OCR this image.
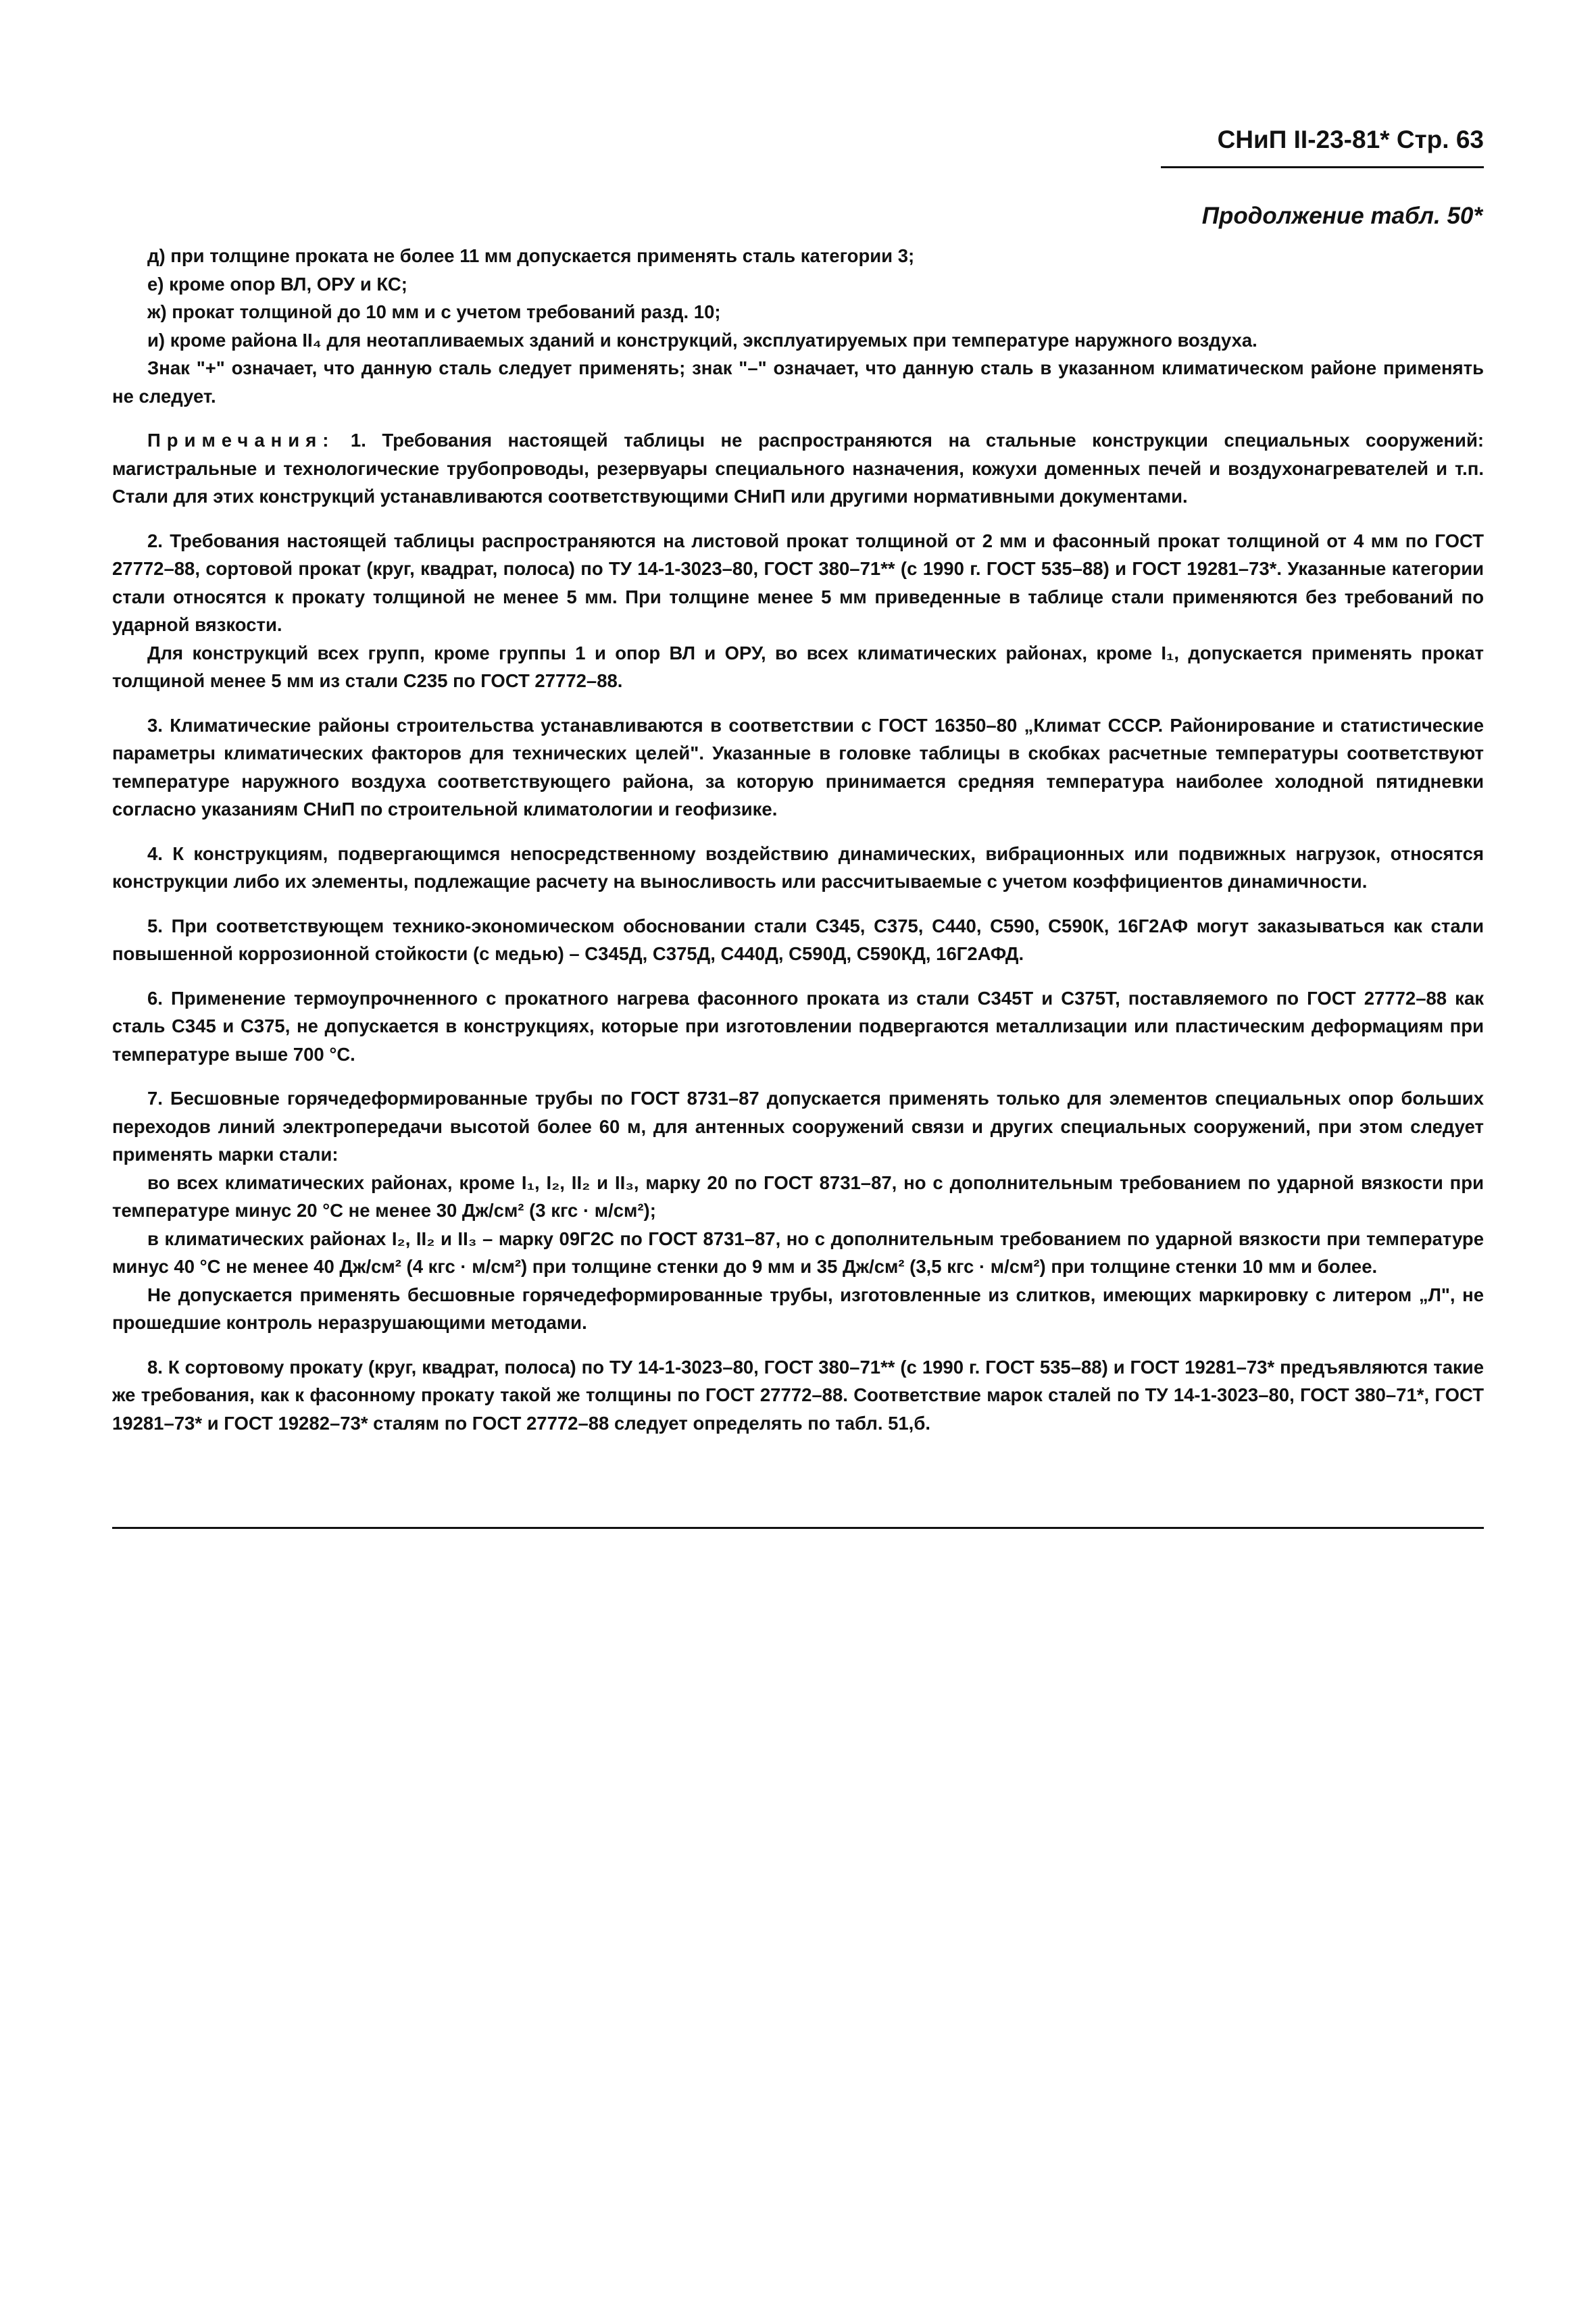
СНиП II-23-81* Стр. 63
Продолжение табл. 50*

д) при толщине проката не более 11 мм допускается применять сталь категории 3;

е) кроме опор ВЛ, ОРУ и КС;

ж) прокат толщиной до 10 мм и с учетом требований разд. 10;

и) кроме района II₄ для неотапливаемых зданий и конструкций, эксплуатируемых при температуре наружного воздуха.

Знак "+" означает, что данную сталь следует применять; знак "–" означает, что данную сталь в указанном климатическом районе применять не следует.

Примечания: 1. Требования настоящей таблицы не распространяются на стальные конструкции специальных сооружений: магистральные и технологические трубопроводы, резервуары специального назначения, кожухи доменных печей и воздухонагревателей и т.п. Стали для этих конструкций устанавливаются соответствующими СНиП или другими нормативными документами.

2. Требования настоящей таблицы распространяются на листовой прокат толщиной от 2 мм и фасонный прокат толщиной от 4 мм по ГОСТ 27772–88, сортовой прокат (круг, квадрат, полоса) по ТУ 14-1-3023–80, ГОСТ 380–71** (с 1990 г. ГОСТ 535–88) и ГОСТ 19281–73*. Указанные категории стали относятся к прокату толщиной не менее 5 мм. При толщине менее 5 мм приведенные в таблице стали применяются без требований по ударной вязкости.

Для конструкций всех групп, кроме группы 1 и опор ВЛ и ОРУ, во всех климатических районах, кроме I₁, допускается применять прокат толщиной менее 5 мм из стали С235 по ГОСТ 27772–88.

3. Климатические районы строительства устанавливаются в соответствии с ГОСТ 16350–80 „Климат СССР. Районирование и статистические параметры климатических факторов для технических целей". Указанные в головке таблицы в скобках расчетные температуры соответствуют температуре наружного воздуха соответствующего района, за которую принимается средняя температура наиболее холодной пятидневки согласно указаниям СНиП по строительной климатологии и геофизике.

4. К конструкциям, подвергающимся непосредственному воздействию динамических, вибрационных или подвижных нагрузок, относятся конструкции либо их элементы, подлежащие расчету на выносливость или рассчитываемые с учетом коэффициентов динамичности.

5. При соответствующем технико-экономическом обосновании стали С345, С375, С440, С590, С590К, 16Г2АФ могут заказываться как стали повышенной коррозионной стойкости (с медью) – С345Д, С375Д, С440Д, С590Д, С590КД, 16Г2АФД.

6. Применение термоупрочненного с прокатного нагрева фасонного проката из стали С345Т и С375Т, поставляемого по ГОСТ 27772–88 как сталь С345 и С375, не допускается в конструкциях, которые при изготовлении подвергаются металлизации или пластическим деформациям при температуре выше 700 °С.

7. Бесшовные горячедеформированные трубы по ГОСТ 8731–87 допускается применять только для элементов специальных опор больших переходов линий электропередачи высотой более 60 м, для антенных сооружений связи и других специальных сооружений, при этом следует применять марки стали:

во всех климатических районах, кроме I₁, I₂, II₂ и II₃, марку 20 по ГОСТ 8731–87, но с дополнительным требованием по ударной вязкости при температуре минус 20 °С не менее 30 Дж/см² (3 кгс · м/см²);

в климатических районах I₂, II₂ и II₃ – марку 09Г2С по ГОСТ 8731–87, но с дополнительным требованием по ударной вязкости при температуре минус 40 °С не менее 40 Дж/см² (4 кгс · м/см²) при толщине стенки до 9 мм и 35 Дж/см² (3,5 кгс · м/см²) при толщине стенки 10 мм и более.

Не допускается применять бесшовные горячедеформированные трубы, изготовленные из слитков, имеющих маркировку с литером „Л", не прошедшие контроль неразрушающими методами.

8. К сортовому прокату (круг, квадрат, полоса) по ТУ 14-1-3023–80, ГОСТ 380–71** (с 1990 г. ГОСТ 535–88) и ГОСТ 19281–73* предъявляются такие же требования, как к фасонному прокату такой же толщины по ГОСТ 27772–88. Соответствие марок сталей по ТУ 14-1-3023–80, ГОСТ 380–71*, ГОСТ 19281–73* и ГОСТ 19282–73* сталям по ГОСТ 27772–88 следует определять по табл. 51,б.
